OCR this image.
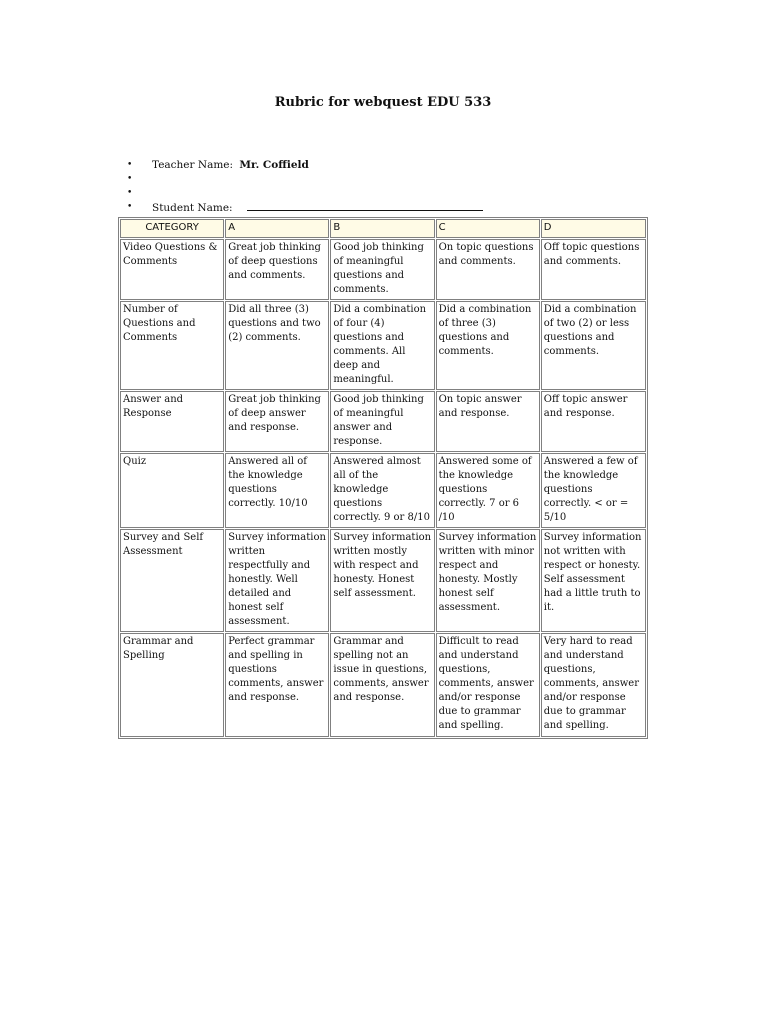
Rubric for webquest EDU 533
• Teacher Name: Mr. Coffield
•
•
• Student Name:
CATEGORY	A	B	C	D
Video Questions & Comments	Great job thinking of deep questions and comments.	Good job thinking of meaningful questions and comments.	On topic questions and comments.	Off topic questions and comments.
Number of Questions and Comments	Did all three (3) questions and two (2) comments.	Did a combination of four (4) questions and comments. All deep and meaningful.	Did a combination of three (3) questions and comments.	Did a combination of two (2) or less questions and comments.
Answer and Response	Great job thinking of deep answer and response.	Good job thinking of meaningful answer and response.	On topic answer and response.	Off topic answer and response.
Quiz	Answered all of the knowledge questions correctly. 10/10	Answered almost all of the knowledge questions correctly. 9 or 8/10	Answered some of the knowledge questions correctly. 7 or 6 /10	Answered a few of the knowledge questions correctly. < or = 5/10
Survey and Self Assessment	Survey information written respectfully and honestly. Well detailed and honest self assessment.	Survey information written mostly with respect and honesty. Honest self assessment.	Survey information written with minor respect and honesty. Mostly honest self assessment.	Survey information not written with respect or honesty. Self assessment had a little truth to it.
Grammar and Spelling	Perfect grammar and spelling in questions comments, answer and response.	Grammar and spelling not an issue in questions, comments, answer and response.	Difficult to read and understand questions, comments, answer and/or response due to grammar and spelling.	Very hard to read and understand questions, comments, answer and/or response due to grammar and spelling.
